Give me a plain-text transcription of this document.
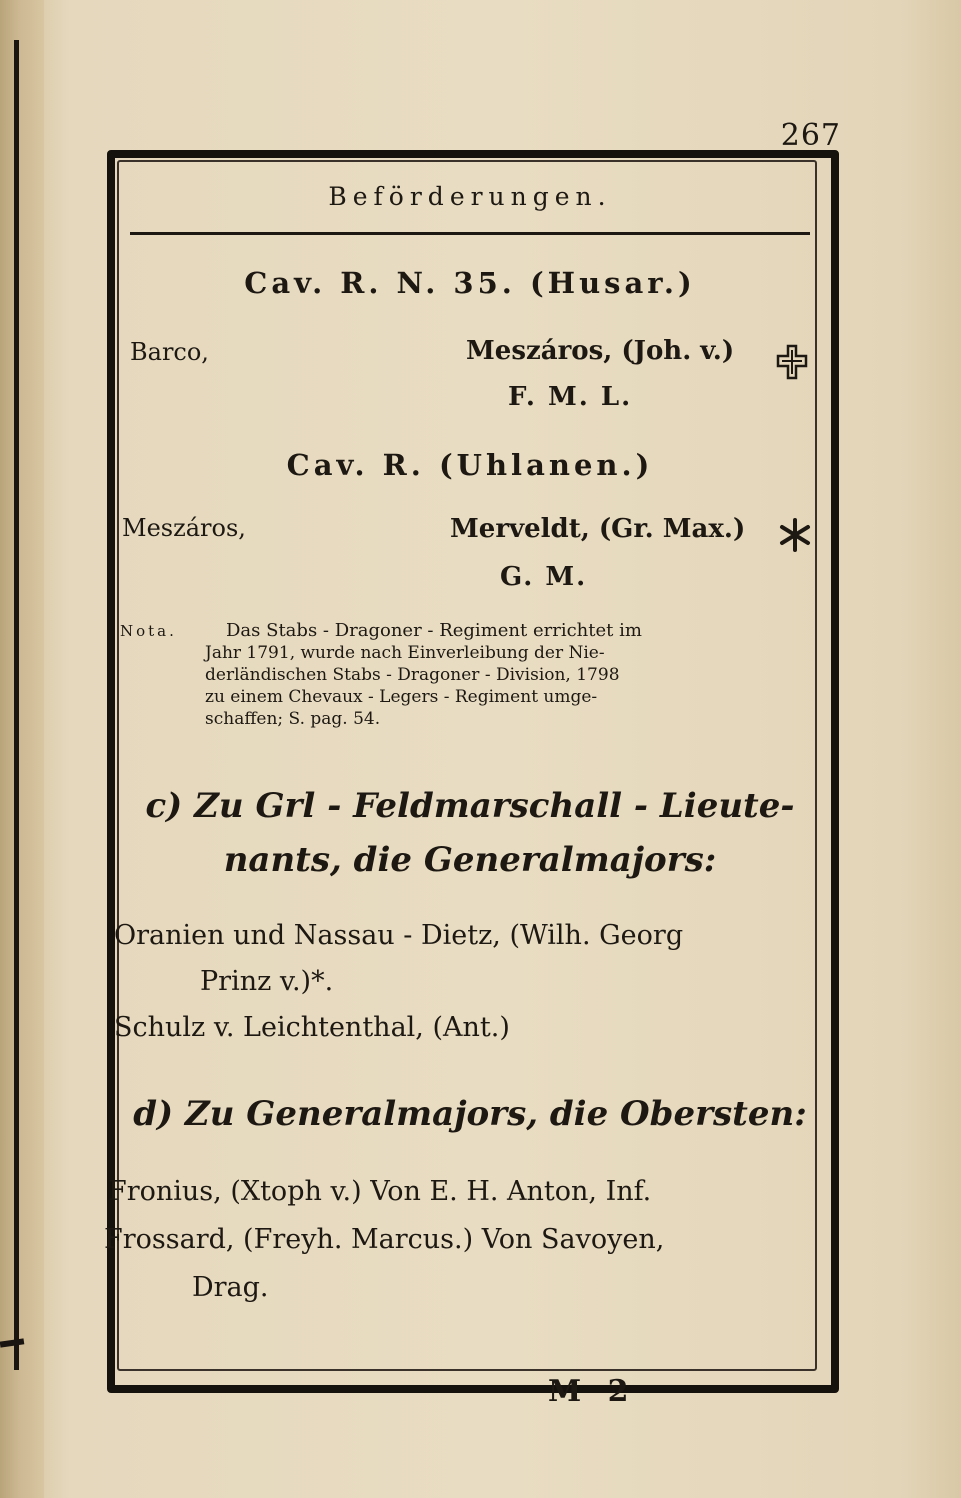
267
Beförderungen.
Cav. R. N. 35. (Husar.)
Barco,	Meszáros, (Joh. v.)
F. M. L.
Cav. R. (Uhlanen.)
Meszáros,	Merveldt, (Gr. Max.)
G. M.
Nota.	Das Stabs - Dragoner - Regiment errichtet im
Jahr 1791, wurde nach Einverleibung der Nie-
derländischen Stabs - Dragoner - Division, 1798
zu einem Chevaux - Legers - Regiment umge-
schaffen; S. pag. 54.
c) Zu Grl - Feldmarschall - Lieute-
nants, die Generalmajors:
Oranien und Nassau - Dietz, (Wilh. Georg
Prinz v.)*.
Schulz v. Leichtenthal, (Ant.)
d) Zu Generalmajors, die Obersten:
Fronius, (Xtoph v.) Von E. H. Anton, Inf.
Frossard, (Freyh. Marcus.) Von Savoyen,
Drag.
M 2
